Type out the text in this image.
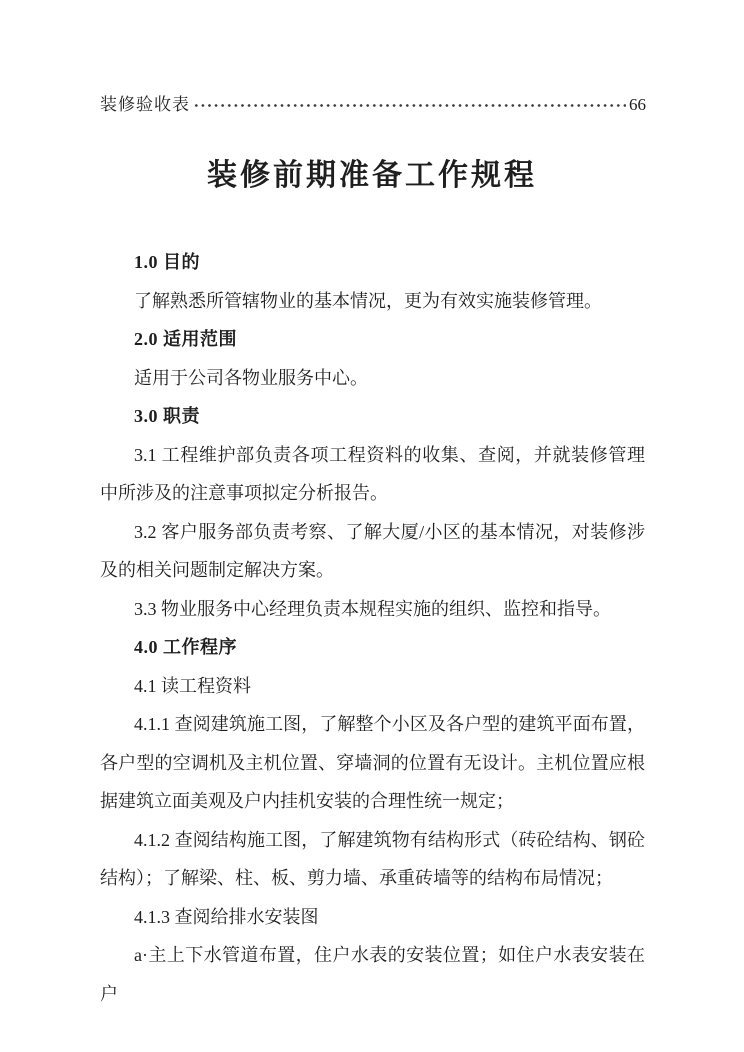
装修验收表	66
装修前期准备工作规程

1.0 目的

了解熟悉所管辖物业的基本情况，更为有效实施装修管理。

2.0 适用范围

适用于公司各物业服务中心。

3.0 职责

3.1 工程维护部负责各项工程资料的收集、查阅，并就装修管理中所涉及的注意事项拟定分析报告。

3.2 客户服务部负责考察、了解大厦/小区的基本情况，对装修涉及的相关问题制定解决方案。

3.3 物业服务中心经理负责本规程实施的组织、监控和指导。

4.0 工作程序

4.1 读工程资料

4.1.1 查阅建筑施工图，了解整个小区及各户型的建筑平面布置，各户型的空调机及主机位置、穿墙洞的位置有无设计。主机位置应根据建筑立面美观及户内挂机安装的合理性统一规定；

4.1.2 查阅结构施工图，了解建筑物有结构形式（砖砼结构、钢砼结构）；了解梁、柱、板、剪力墙、承重砖墙等的结构布局情况；

4.1.3 查阅给排水安装图

a·主上下水管道布置，住户水表的安装位置；如住户水表安装在户
